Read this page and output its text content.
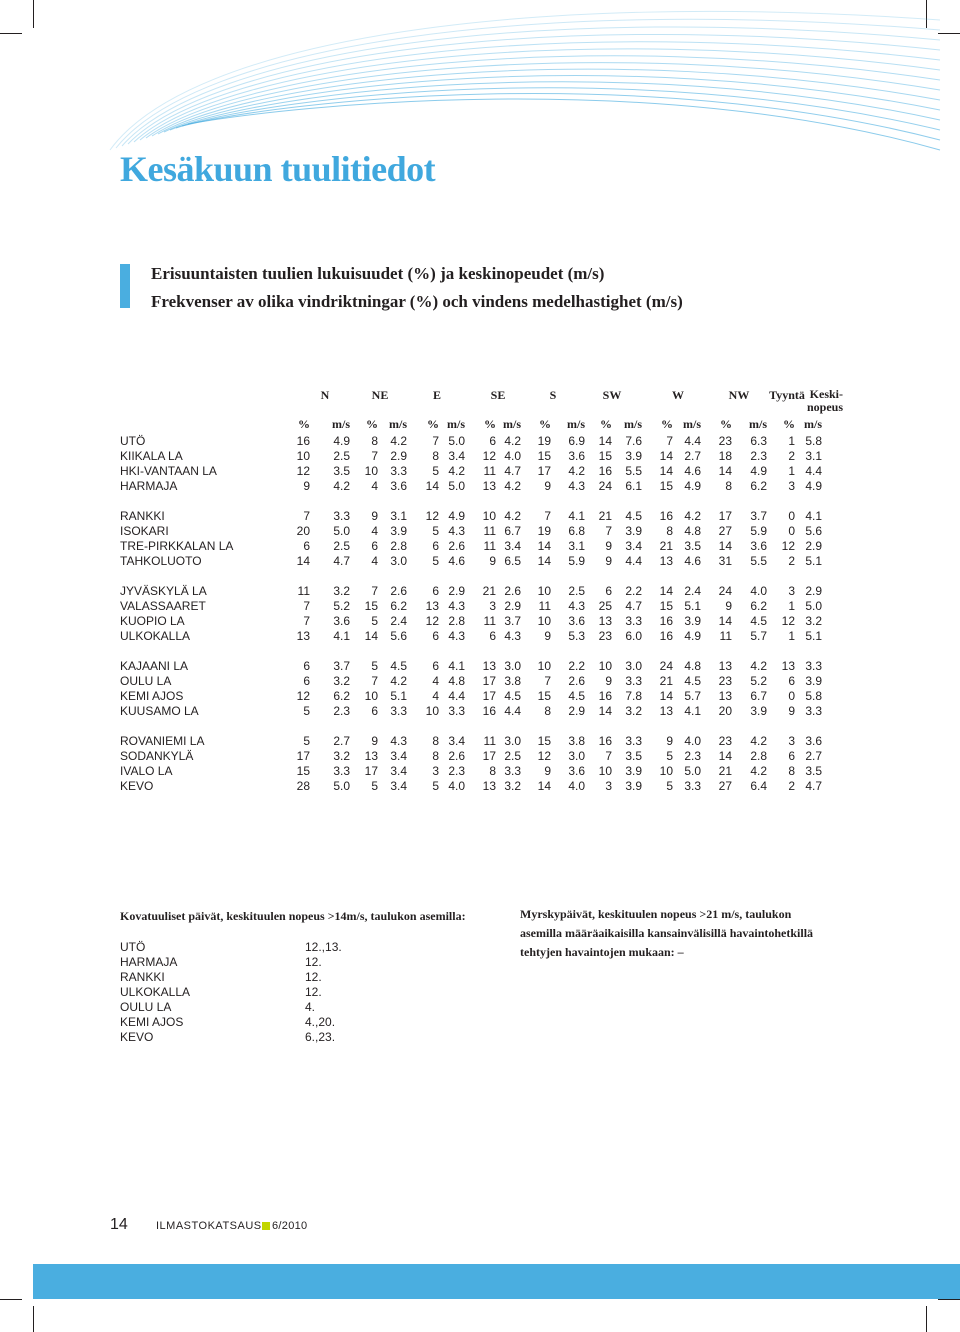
Kesäkuun tuulitiedot
Erisuuntaisten tuulien lukuisuudet (%) ja keskinopeudet (m/s)
Frekvenser av olika vindriktningar (%) och vindens medelhastighet (m/s)
N	NE	E	SE	S	SW	W	NW	Tyyntä Keski-
nopeus
% m/s % m/s % m/s % m/s % m/s % m/s % m/s % m/s % m/s
UTÖ	16 4.9 8 4.2 7 5.0 6 4.2 19 6.9 14 7.6 7 4.4 23 6.3 1 5.8
KIIKALA LA	10 2.5 7 2.9 8 3.4 12 4.0 15 3.6 15 3.9 14 2.7 18 2.3 2 3.1
HKI-VANTAAN LA	12 3.5 10 3.3 5 4.2 11 4.7 17 4.2 16 5.5 14 4.6 14 4.9 1 4.4
HARMAJA	9 4.2 4 3.6 14 5.0 13 4.2 9 4.3 24 6.1 15 4.9 8 6.2 3 4.9
RANKKI	7 3.3 9 3.1 12 4.9 10 4.2 7 4.1 21 4.5 16 4.2 17 3.7 0 4.1
ISOKARI	20 5.0 4 3.9 5 4.3 11 6.7 19 6.8 7 3.9 8 4.8 27 5.9 0 5.6
TRE-PIRKKALAN LA	6 2.5 6 2.8 6 2.6 11 3.4 14 3.1 9 3.4 21 3.5 14 3.6 12 2.9
TAHKOLUOTO	14 4.7 4 3.0 5 4.6 9 6.5 14 5.9 9 4.4 13 4.6 31 5.5 2 5.1
JYVÄSKYLÄ LA	11 3.2 7 2.6 6 2.9 21 2.6 10 2.5 6 2.2 14 2.4 24 4.0 3 2.9
VALASSAARET	7 5.2 15 6.2 13 4.3 3 2.9 11 4.3 25 4.7 15 5.1 9 6.2 1 5.0
KUOPIO LA	7 3.6 5 2.4 12 2.8 11 3.7 10 3.6 13 3.3 16 3.9 14 4.5 12 3.2
ULKOKALLA	13 4.1 14 5.6 6 4.3 6 4.3 9 5.3 23 6.0 16 4.9 11 5.7 1 5.1
KAJAANI LA	6 3.7 5 4.5 6 4.1 13 3.0 10 2.2 10 3.0 24 4.8 13 4.2 13 3.3
OULU LA	6 3.2 7 4.2 4 4.8 17 3.8 7 2.6 9 3.3 21 4.5 23 5.2 6 3.9
KEMI AJOS	12 6.2 10 5.1 4 4.4 17 4.5 15 4.5 16 7.8 14 5.7 13 6.7 0 5.8
KUUSAMO LA	5 2.3 6 3.3 10 3.3 16 4.4 8 2.9 14 3.2 13 4.1 20 3.9 9 3.3
ROVANIEMI LA	5 2.7 9 4.3 8 3.4 11 3.0 15 3.8 16 3.3 9 4.0 23 4.2 3 3.6
SODANKYLÄ	17 3.2 13 3.4 8 2.6 17 2.5 12 3.0 7 3.5 5 2.3 14 2.8 6 2.7
IVALO LA	15 3.3 17 3.4 3 2.3 8 3.3 9 3.6 10 3.9 10 5.0 21 4.2 8 3.5
KEVO	28 5.0 5 3.4 5 4.0 13 3.2 14 4.0 3 3.9 5 3.3 27 6.4 2 4.7
Kovatuuliset päivät, keskituulen nopeus >14m/s, taulukon asemilla:
UTÖ	12.,13.
HARMAJA	12.
RANKKI	12.
ULKOKALLA	12.
OULU LA	4.
KEMI AJOS	4.,20.
KEVO	6.,23.

Myrskypäivät, keskituulen nopeus >21 m/s, taulukon asemilla määräaikaisilla kansainvälisillä havaintohetkillä tehtyjen havaintojen mukaan: –

14	ILMASTOKATSAUS 6/2010
